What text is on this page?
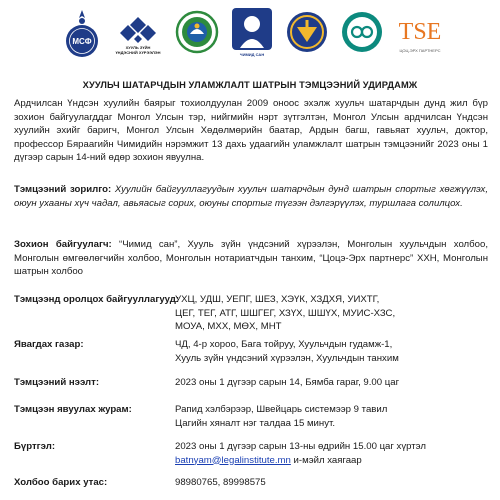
МCФ
ХУУЛЬ ЗҮЙН
ҮНДЭСНИЙ ХҮРЭЭЛЭН	ЧИМИД САН
TSE
ЦОЦ-ЭРХ ПАРТНЕРС
ХУУЛЬЧ ШАТАРЧДЫН УЛАМЖЛАЛТ ШАТРЫН ТЭМЦЭЭНИЙ УДИРДАМЖ
Ардчилсан Үндсэн хуулийн баярыг тохиолдуулан 2009 оноос эхэлж хуульч шатарчдын дунд жил бүр зохион байгуулагддаг Монгол Улсын тэр, нийгмийн нэрт зүтгэлтэн, Монгол Улсын ардчилсан Үндсэн хуулийн эхийг баригч, Монгол Улсын Хөдөлмөрийн баатар, Ардын багш, гавьяат хуульч, доктор, профессор Бяраагийн Чимидийн нэрэмжит 13 дахь удаагийн уламжлалт шатрын тэмцээнийг 2023 оны 1 дүгээр сарын 14-ний өдөр зохион явуулна.
Тэмцээний зорилго: Хуулийн байгууллагуудын хуульч шатарчдын дунд шатрын спортыг хөгжүүлэх, оюун ухааны хүч чадал, авьяасыг сорих, оюуны спортыг түгээн дэлгэрүүлэх, туршлага солилцох.
Зохион байгуулагч: “Чимид сан”, Хууль зүйн үндсэний хүрээлэн, Монголын хуульчдын холбоо, Монголын өмгөөлөгчийн холбоо, Монголын нотариатчдын танхим, “Цоцэ-Эрх партнерс” ХХН, Монголын шатрын холбоо
Тэмцээнд оролцох байгууллагууд:
УХЦ, УДШ, УЕПГ, ШЕЗ, ХЭҮК, ХЗДХЯ, УИХТГ,
ЦЕГ, ТЕГ, АТГ, ШШГЕГ, ХЗҮХ, ШШҮХ, МУИС-ХЗС,
МОУА, МХХ, МӨХ, МНТ
Явагдах газар:	ЧД, 4-р хороо, Бага тойруу, Хуульчдын гудамж-1,
Хууль зүйн үндсэний хүрээлэн, Хуульчдын танхим
Тэмцээний нээлт:	2023 оны 1 дүгээр сарын 14, Бямба гараг, 9.00 цаг
Тэмцээн явуулах журам:	Рапид хэлбэрээр, Швейцарь системээр 9 тавил
Цагийн хяналт нэг талдаа 15 минут.
Бүртгэл:	2023 оны 1 дүгээр сарын 13-ны өдрийн 15.00 цаг хүртэл
batnyam@legalinstitute.mn и-мэйл хаягаар
Холбоо барих утас:	98980765, 89998575
